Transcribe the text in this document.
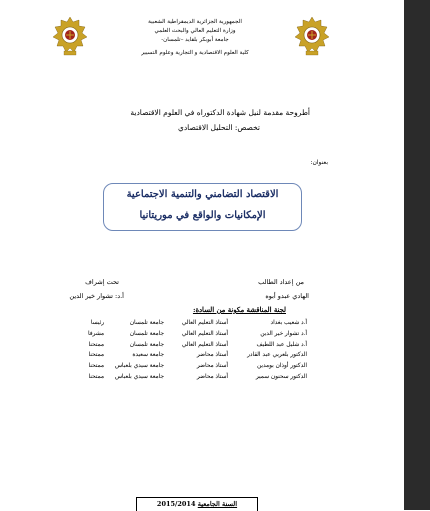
الجمهورية الجزائرية الديمقراطية الشعبية
وزارة التعليم العالي والبحث العلمي
جامعة أبوبكر بلقايد –تلمسان-
كلية العلوم الاقتصادية و التجارية وعلوم التسيير
أطروحة مقدمة لنيل شهادة الدكتوراه في العلوم الاقتصادية
تخصص: التحليل الاقتصادي
بعنوان:
الاقتصاد التضامني والتنمية الاجتماعية
الإمكانيات والواقع في موريتانيا
من إعداد الطالب
الهادي عبدو أبوه
تحت إشراف
أ.د: تشوار خير الدين
لجنة المناقشة مكونة من السادة:
أ.د شعيب بغداد
أستاذ التعليم العالي
جامعة تلمسان
رئيسا
أ.د تشوار خير الدين
أستاذ التعليم العالي
جامعة تلمسان
مشرفا
أ.د شليل عبد اللطيف
أستاذ التعليم العالي
جامعة تلمسان
ممتحنا
الدكتور بلعربي عبد القادر
أستاذ محاضر
جامعة سعيدة
ممتحنا
الدكتور أوذان بومدين
أستاذ محاضر
جامعة سيدي بلعباس
ممتحنا
الدكتور سحنون سمير
أستاذ محاضر
جامعة سيدي بلعباس
ممتحنا
السنة الجامعية 2015/2014
